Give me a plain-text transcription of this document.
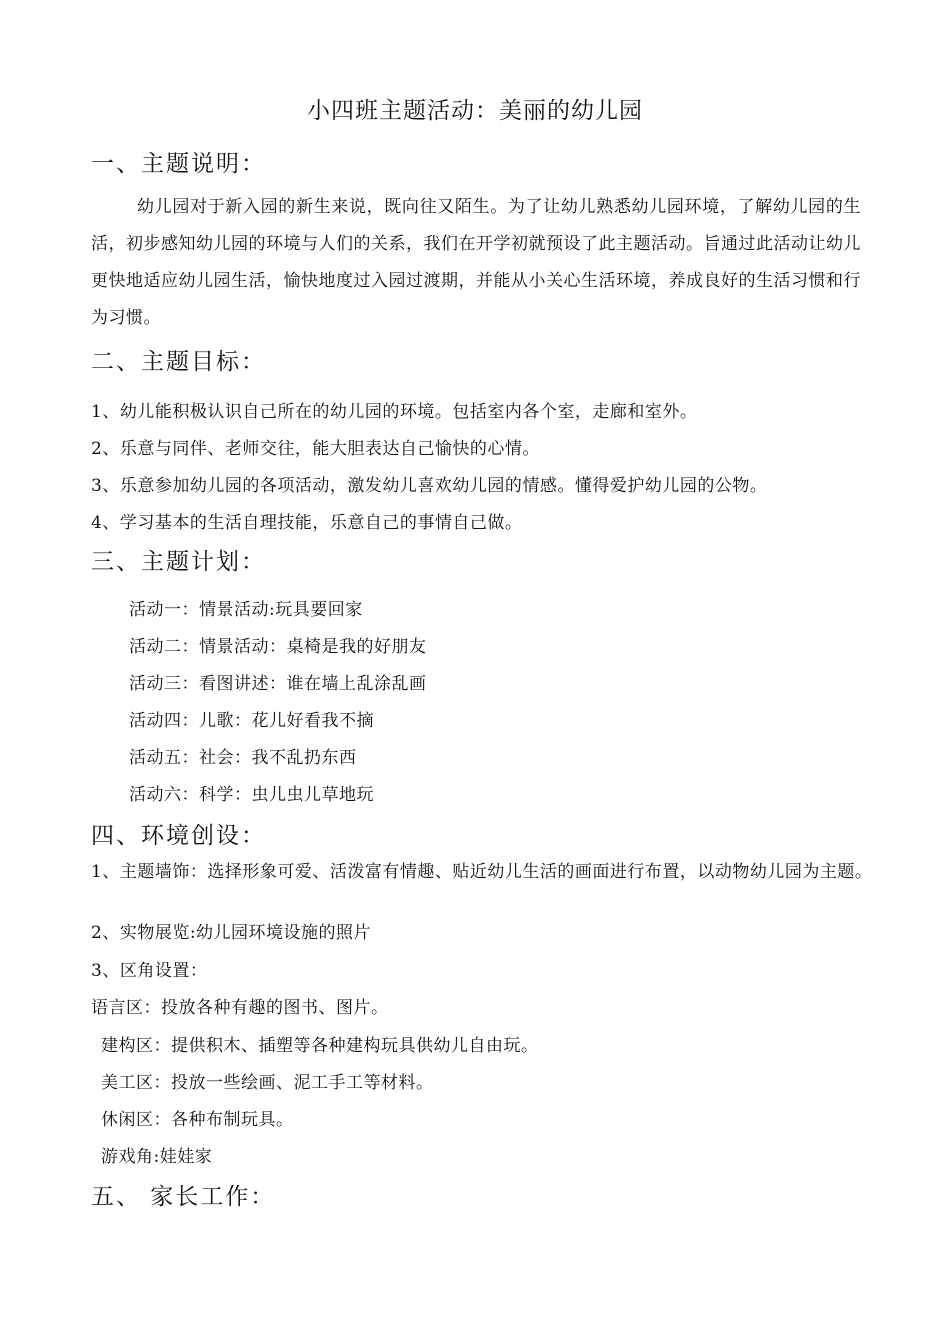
小四班主题活动：美丽的幼儿园
一、主题说明：
幼儿园对于新入园的新生来说，既向往又陌生。为了让幼儿熟悉幼儿园环境，了解幼儿园的生活，初步感知幼儿园的环境与人们的关系，我们在开学初就预设了此主题活动。旨通过此活动让幼儿更快地适应幼儿园生活，愉快地度过入园过渡期，并能从小关心生活环境，养成良好的生活习惯和行为习惯。
二、主题目标：
1、幼儿能积极认识自己所在的幼儿园的环境。包括室内各个室，走廊和室外。
2、乐意与同伴、老师交往，能大胆表达自己愉快的心情。
3、乐意参加幼儿园的各项活动，激发幼儿喜欢幼儿园的情感。懂得爱护幼儿园的公物。
4、学习基本的生活自理技能，乐意自己的事情自己做。
三、主题计划：
活动一：情景活动:玩具要回家
活动二：情景活动：桌椅是我的好朋友
活动三：看图讲述：谁在墙上乱涂乱画
活动四：儿歌：花儿好看我不摘
活动五：社会：我不乱扔东西
活动六：科学：虫儿虫儿草地玩
四、环境创设：
1、主题墙饰：选择形象可爱、活泼富有情趣、贴近幼儿生活的画面进行布置，以动物幼儿园为主题。
2、实物展览:幼儿园环境设施的照片
3、区角设置：
语言区：投放各种有趣的图书、图片。
建构区：提供积木、插塑等各种建构玩具供幼儿自由玩。
美工区：投放一些绘画、泥工手工等材料。
休闲区：各种布制玩具。
游戏角:娃娃家
五、 家长工作：
